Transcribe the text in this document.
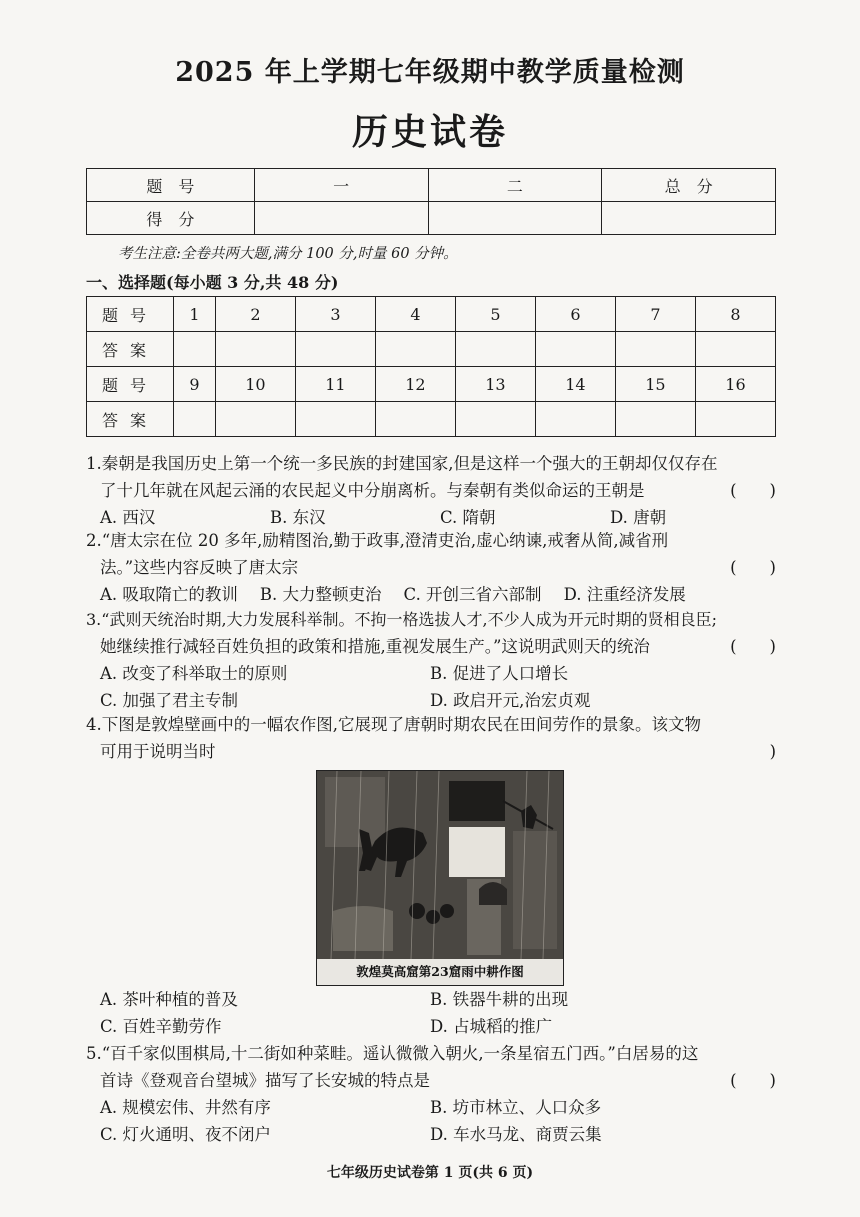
2025 年上学期七年级期中教学质量检测
历史试卷
题　号	一	二	总　分
得　分			
考生注意:全卷共两大题,满分 100 分,时量 60 分钟。
一、选择题(每小题 3 分,共 48 分)
题号	1	2	3	4	5	6	7	8
答案								
题号	9	10	11	12	13	14	15	16
答案								
1.秦朝是我国历史上第一个统一多民族的封建国家,但是这样一个强大的王朝却仅仅存在
了十几年就在风起云涌的农民起义中分崩离析。与秦朝有类似命运的王朝是	(　　)
A. 西汉	B. 东汉	C. 隋朝	D. 唐朝
2.“唐太宗在位 20 多年,励精图治,勤于政事,澄清吏治,虚心纳谏,戒奢从简,减省刑
法。”这些内容反映了唐太宗	(　　)
A. 吸取隋亡的教训 B. 大力整顿吏治 C. 开创三省六部制 D. 注重经济发展
3.“武则天统治时期,大力发展科举制。不拘一格选拔人才,不少人成为开元时期的贤相良臣;
她继续推行减轻百姓负担的政策和措施,重视发展生产。”这说明武则天的统治	(　　)
A. 改变了科举取士的原则	B. 促进了人口增长
C. 加强了君主专制	D. 政启开元,治宏贞观
4.下图是敦煌壁画中的一幅农作图,它展现了唐朝时期农民在田间劳作的景象。该文物
可用于说明当时	)
敦煌莫高窟第23窟雨中耕作图
A. 茶叶种植的普及	B. 铁器牛耕的出现
C. 百姓辛勤劳作	D. 占城稻的推广
5.“百千家似围棋局,十二街如种菜畦。遥认微微入朝火,一条星宿五门西。”白居易的这
首诗《登观音台望城》描写了长安城的特点是	(　　)
A. 规模宏伟、井然有序	B. 坊市林立、人口众多
C. 灯火通明、夜不闭户	D. 车水马龙、商贾云集
七年级历史试卷第 1 页(共 6 页)
